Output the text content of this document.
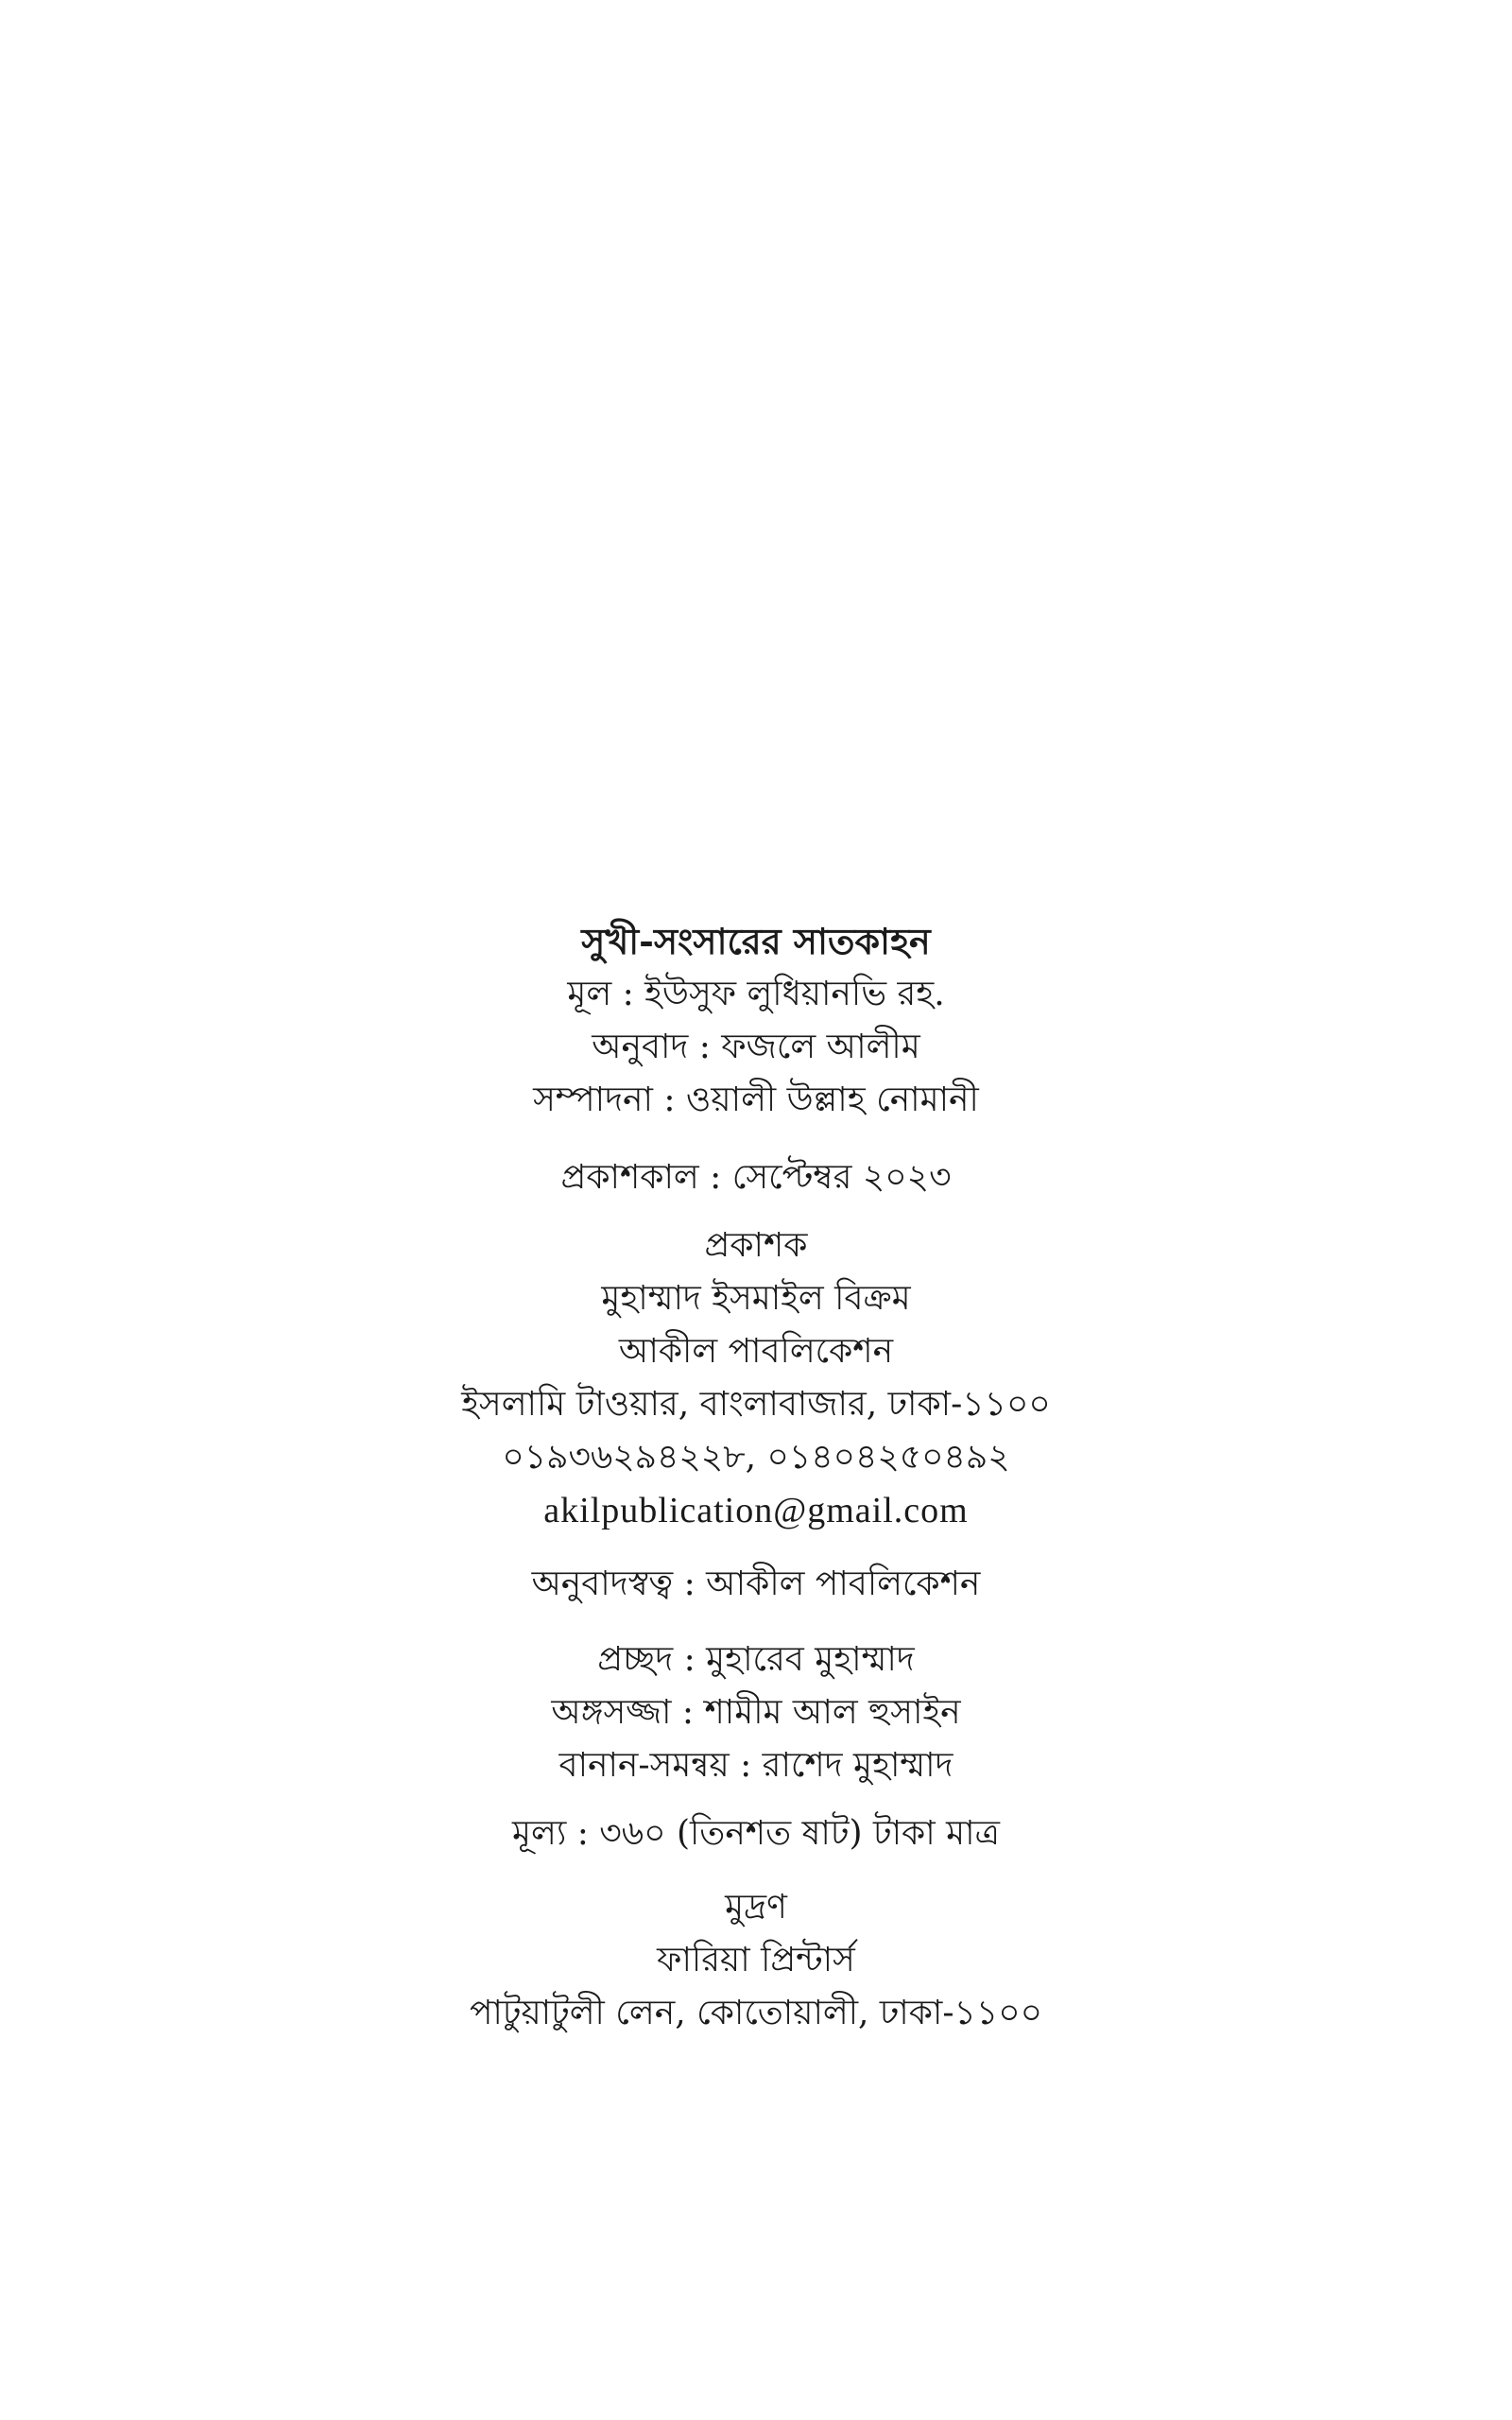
সুখী-সংসারের সাতকাহন
মূল : ইউসুফ লুধিয়ানভি রহ.
অনুবাদ : ফজলে আলীম
সম্পাদনা : ওয়ালী উল্লাহ নোমানী
প্রকাশকাল : সেপ্টেম্বর ২০২৩
প্রকাশক
মুহাম্মাদ ইসমাইল বিক্রম
আকীল পাবলিকেশন
ইসলামি টাওয়ার, বাংলাবাজার, ঢাকা-১১০০
০১৯৩৬২৯৪২২৮, ০১৪০৪২৫০৪৯২
akilpublication@gmail.com
অনুবাদস্বত্ব : আকীল পাবলিকেশন
প্রচ্ছদ : মুহারেব মুহাম্মাদ
অঙ্গসজ্জা : শামীম আল হুসাইন
বানান-সমন্বয় : রাশেদ মুহাম্মাদ
মূল্য : ৩৬০ (তিনশত ষাট) টাকা মাত্র
মুদ্রণ
ফারিয়া প্রিন্টার্স
পাটুয়াটুলী লেন, কোতোয়ালী, ঢাকা-১১০০
